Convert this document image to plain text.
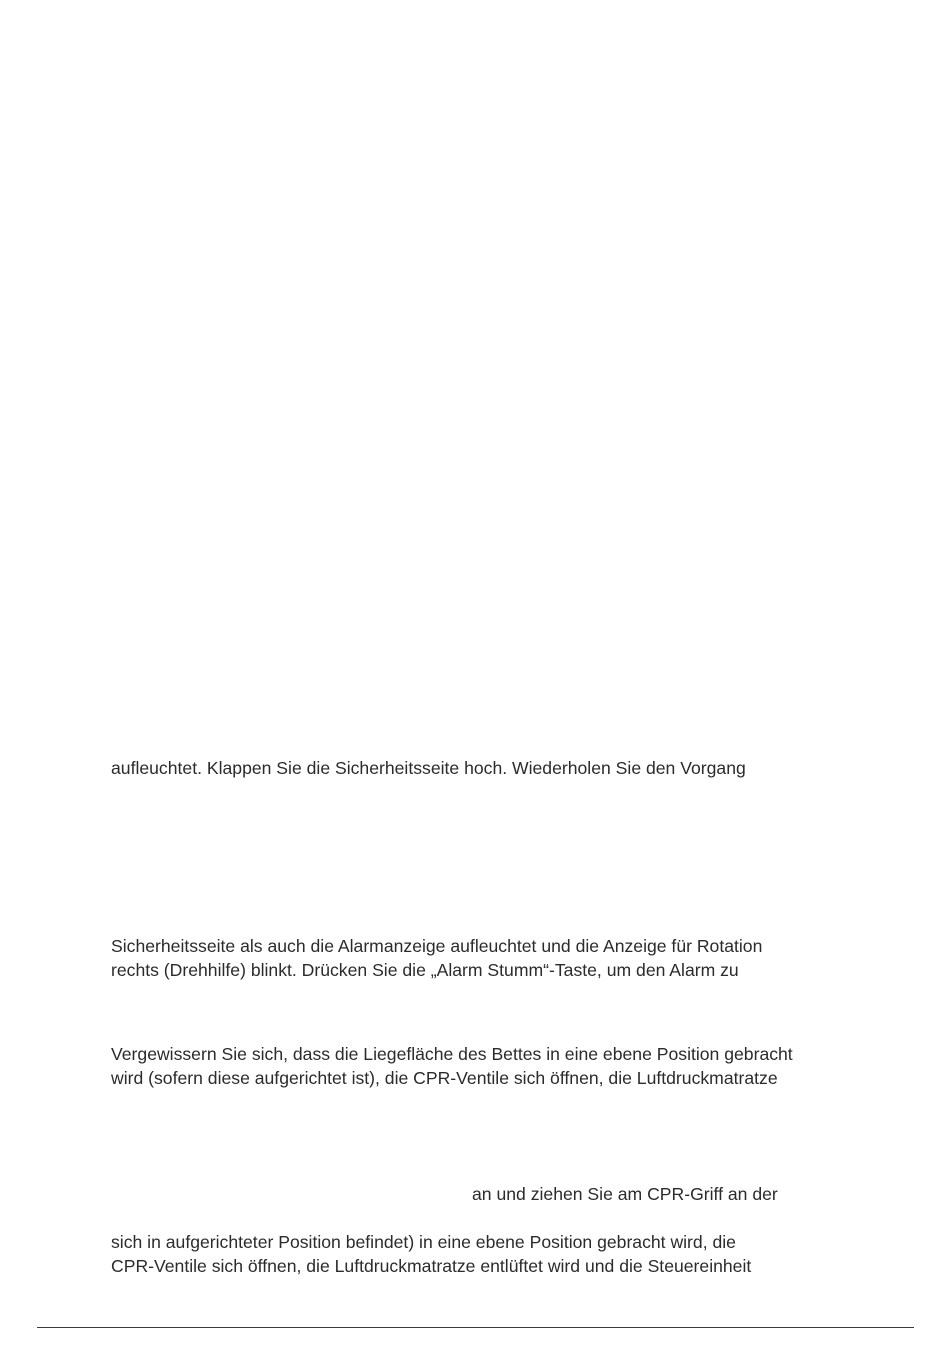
aufleuchtet. Klappen Sie die Sicherheitsseite hoch. Wiederholen Sie den Vorgang
Sicherheitsseite als auch die Alarmanzeige aufleuchtet und die Anzeige für Rotation
rechts (Drehhilfe) blinkt. Drücken Sie die „Alarm Stumm“-Taste, um den Alarm zu
Vergewissern Sie sich, dass die Liegefläche des Bettes in eine ebene Position gebracht
wird (sofern diese aufgerichtet ist), die CPR-Ventile sich öffnen, die Luftdruckmatratze
an und ziehen Sie am CPR-Griff an der
sich in aufgerichteter Position befindet) in eine ebene Position gebracht wird, die
CPR-Ventile sich öffnen, die Luftdruckmatratze entlüftet wird und die Steuereinheit
